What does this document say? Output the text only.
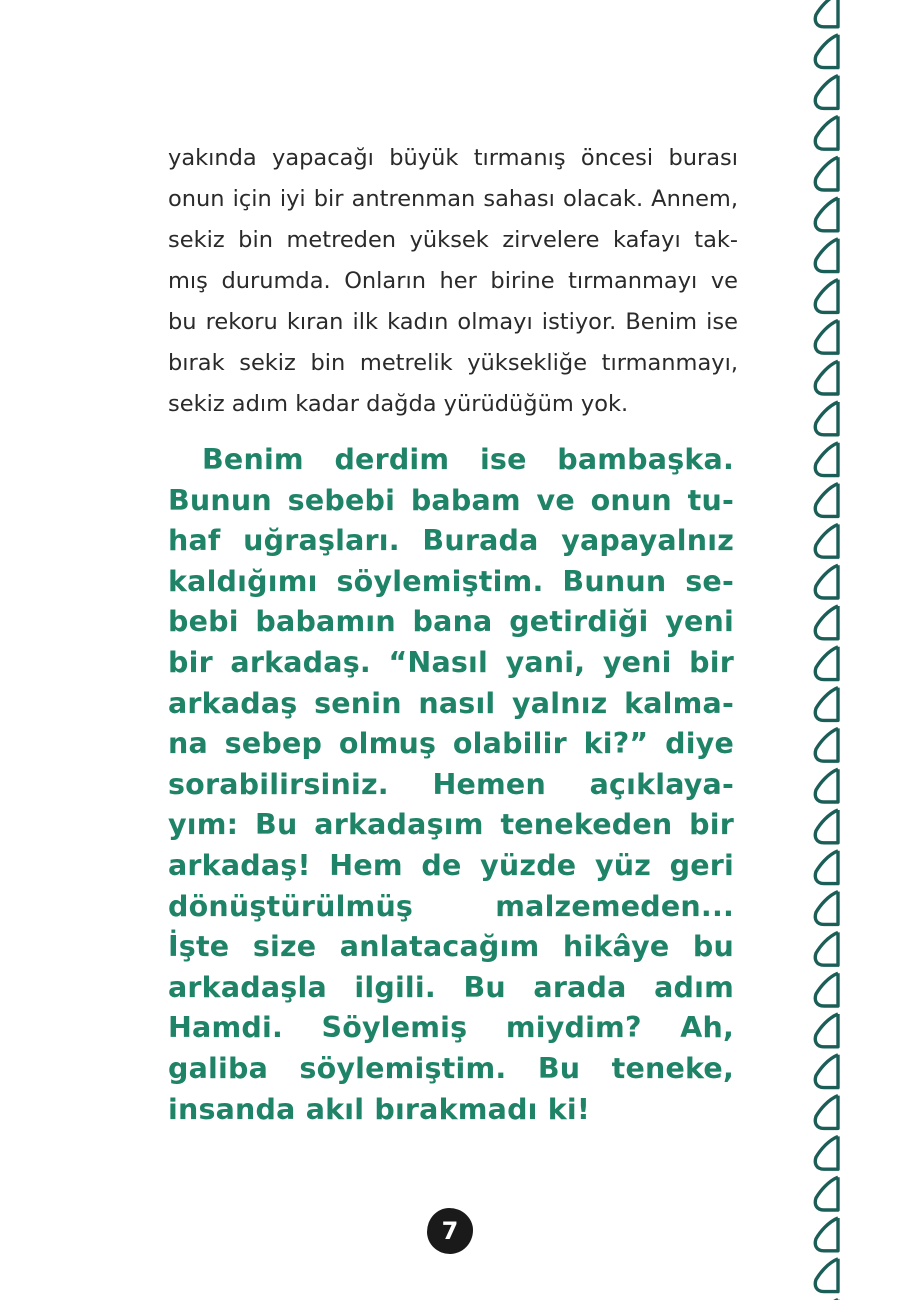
yakında yapacağı büyük tırmanış öncesi burası
onun için iyi bir antrenman sahası olacak. Annem,
sekiz bin metreden yüksek zirvelere kafayı tak-
mış durumda. Onların her birine tırmanmayı ve
bu rekoru kıran ilk kadın olmayı istiyor. Benim ise
bırak sekiz bin metrelik yüksekliğe tırmanmayı,
sekiz adım kadar dağda yürüdüğüm yok.

Benim derdim ise bambaşka.
Bunun sebebi babam ve onun tu-
haf uğraşları. Burada yapayalnız
kaldığımı söylemiştim. Bunun se-
bebi babamın bana getirdiği yeni
bir arkadaş. “Nasıl yani, yeni bir
arkadaş senin nasıl yalnız kalma-
na sebep olmuş olabilir ki?” diye
sorabilirsiniz. Hemen açıklaya-
yım: Bu arkadaşım tenekeden bir
arkadaş! Hem de yüzde yüz geri
dönüştürülmüş malzemeden...
İşte size anlatacağım hikâye bu
arkadaşla ilgili. Bu arada adım
Hamdi. Söylemiş miydim? Ah,
galiba söylemiştim. Bu teneke,
insanda akıl bırakmadı ki!

7
